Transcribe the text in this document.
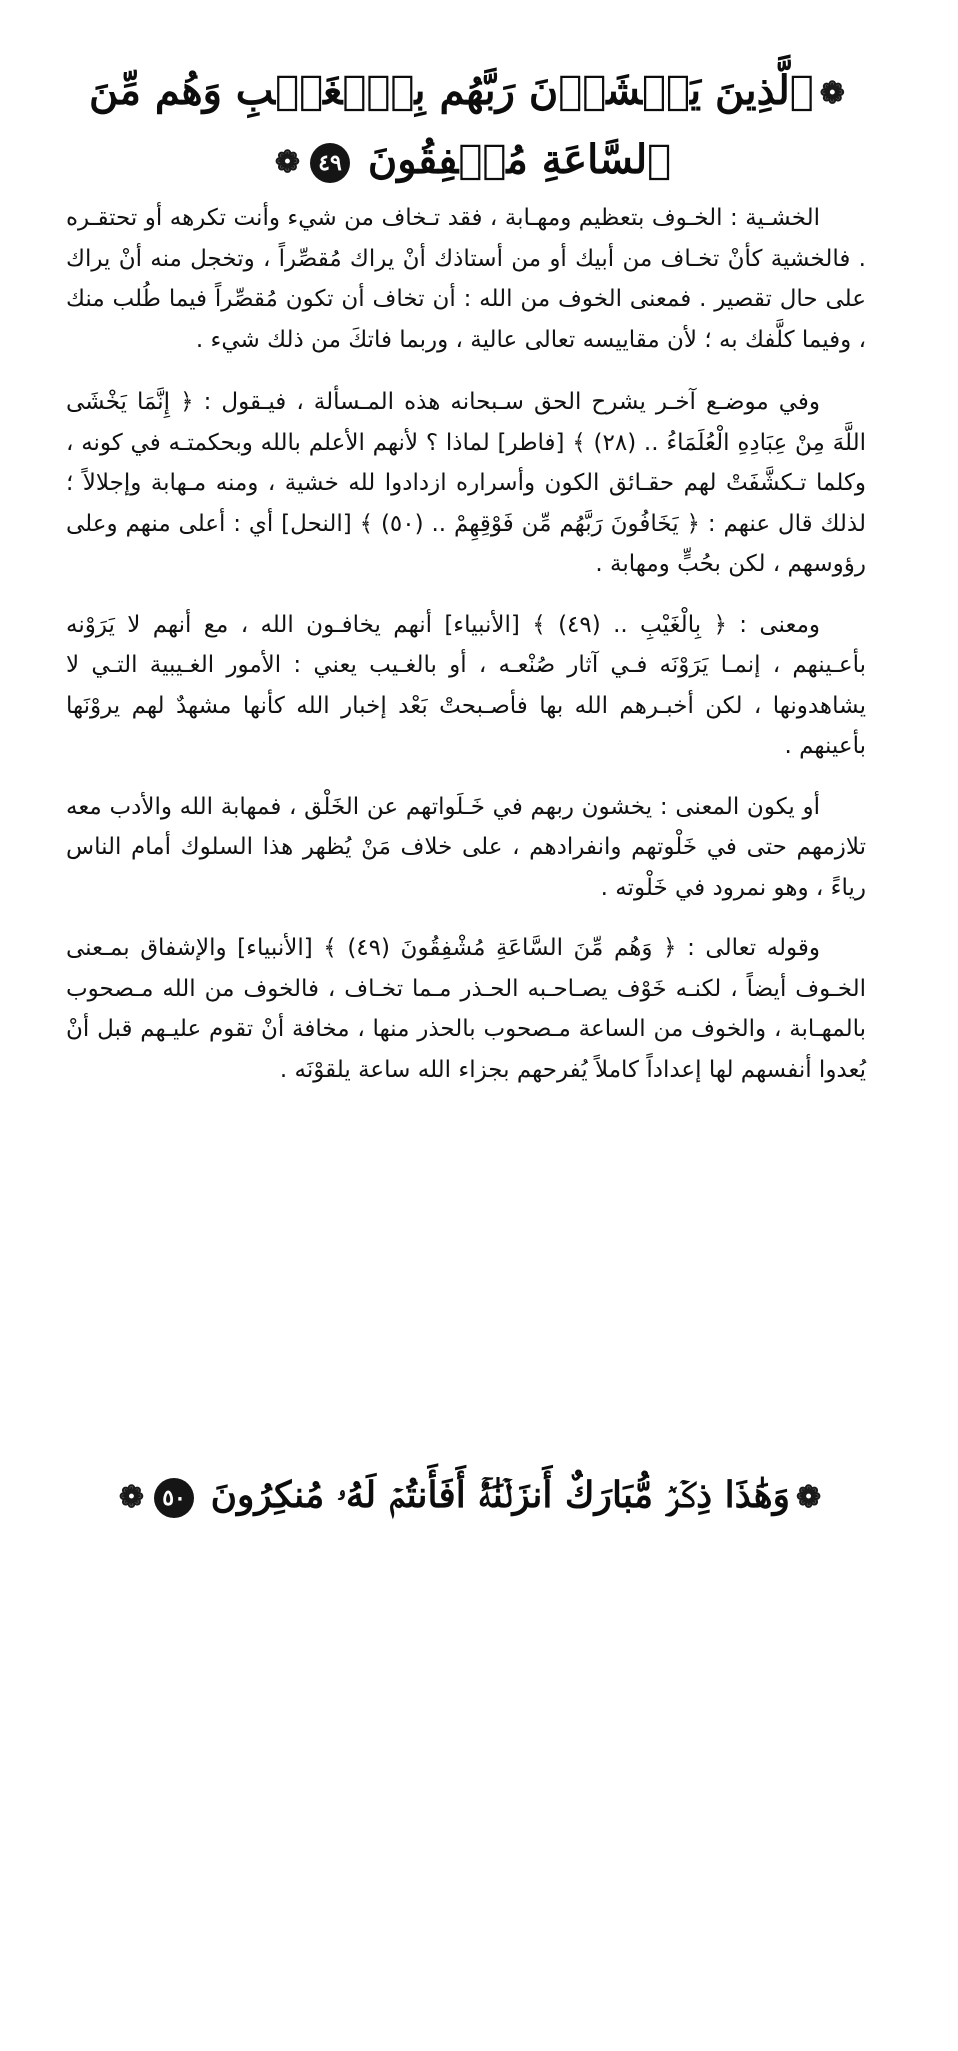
❁ٱلَّذِينَ يَخۡشَوۡنَ رَبَّهُم بِٱلۡغَيۡبِ وَهُم مِّنَ
ٱلسَّاعَةِ مُشۡفِقُونَ ٤٩❁

الخشـية : الخـوف بتعظيم ومهـابة ، فقد تـخاف من شيء وأنت تكرهه أو تحتقـره . فالخشية كأنْ تخـاف من أبيك أو من أستاذك أنْ يراك مُقصِّراً ، وتخجل منه أنْ يراك على حال تقصير . فمعنى الخوف من الله : أن تخاف أن تكون مُقصِّراً فيما طُلب منك ، وفيما كلَّفك به ؛ لأن مقاييسه تعالى عالية ، وربما فاتكَ من ذلك شيء .

وفي موضـع آخـر يشرح الحق سـبحانه هذه المـسألة ، فيـقول : ﴿ إِنَّمَا يَخْشَى اللَّهَ مِنْ عِبَادِهِ الْعُلَمَاءُ .. (٢٨) ﴾ [فاطر] لماذا ؟ لأنهم الأعلم بالله وبحكمتـه في كونه ، وكلما تـكشَّفَتْ لهم حقـائق الكون وأسراره ازدادوا لله خشية ، ومنه مـهابة وإجلالاً ؛ لذلك قال عنهم : ﴿ يَخَافُونَ رَبَّهُم مِّن فَوْقِهِمْ .. (٥٠) ﴾ [النحل] أي : أعلى منهم وعلى رؤوسهم ، لكن بحُبٍّ ومهابة .

ومعنى : ﴿ بِالْغَيْبِ .. (٤٩) ﴾ [الأنبياء] أنهم يخافـون الله ، مع أنهم لا يَرَوْنه بأعـينهم ، إنمـا يَرَوْنَه فـي آثار صُنْعـه ، أو بالغـيب يعني : الأمور الغـيبية التـي لا يشاهدونها ، لكن أخبـرهم الله بها فأصـبحتْ بَعْد إخبار الله كأنها مشهدٌ لهم يروْنَها بأعينهم .

أو يكون المعنى : يخشون ربهم في خَـلَواتهم عن الخَلْق ، فمهابة الله والأدب معه تلازمهم حتى في خَلْوتهم وانفرادهم ، على خلاف مَنْ يُظهر هذا السلوك أمام الناس رياءً ، وهو نمرود في خَلْوته .

وقوله تعالى : ﴿ وَهُم مِّنَ السَّاعَةِ مُشْفِقُونَ (٤٩) ﴾ [الأنبياء] والإشفاق بمـعنى الخـوف أيضاً ، لكنـه خَوْف يصـاحـبه الحـذر مـما تخـاف ، فالخوف من الله مـصحوب بالمهـابة ، والخوف من الساعة مـصحوب بالحذر منها ، مخافة أنْ تقوم عليـهم قبل أنْ يُعدوا أنفسهم لها إعداداً كاملاً يُفرحهم بجزاء الله ساعة يلقوْنَه .

❁وَهَٰذَا ذِكۡرٞ مُّبَارَكٌ أَنزَلۡنَٰهُۚ أَفَأَنتُمۡ لَهُۥ مُنكِرُونَ ٥٠❁
